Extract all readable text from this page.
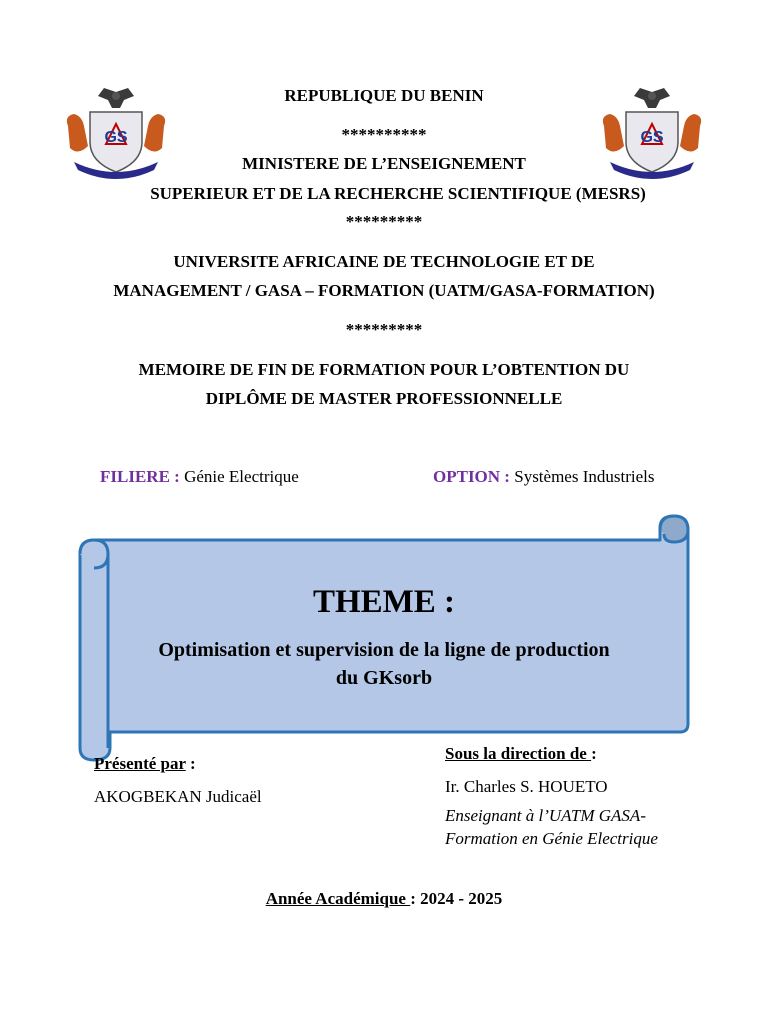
GS	GS
REPUBLIQUE DU BENIN
**********
MINISTERE DE L’ENSEIGNEMENT
SUPERIEUR ET DE LA RECHERCHE SCIENTIFIQUE (MESRS)
*********
UNIVERSITE AFRICAINE DE TECHNOLOGIE ET DE
MANAGEMENT / GASA – FORMATION (UATM/GASA-FORMATION)
*********
MEMOIRE DE FIN DE FORMATION POUR L’OBTENTION DU
DIPLÔME DE MASTER PROFESSIONNELLE
FILIERE : Génie Electrique	OPTION : Systèmes Industriels
THEME :
Optimisation et supervision de la ligne de production
du GKsorb
Présenté par :
AKOGBEKAN Judicaël
Sous la direction de :
Ir. Charles S. HOUETO
Enseignant à l’UATM GASA-
Formation en Génie Electrique
Année Académique : 2024 - 2025
